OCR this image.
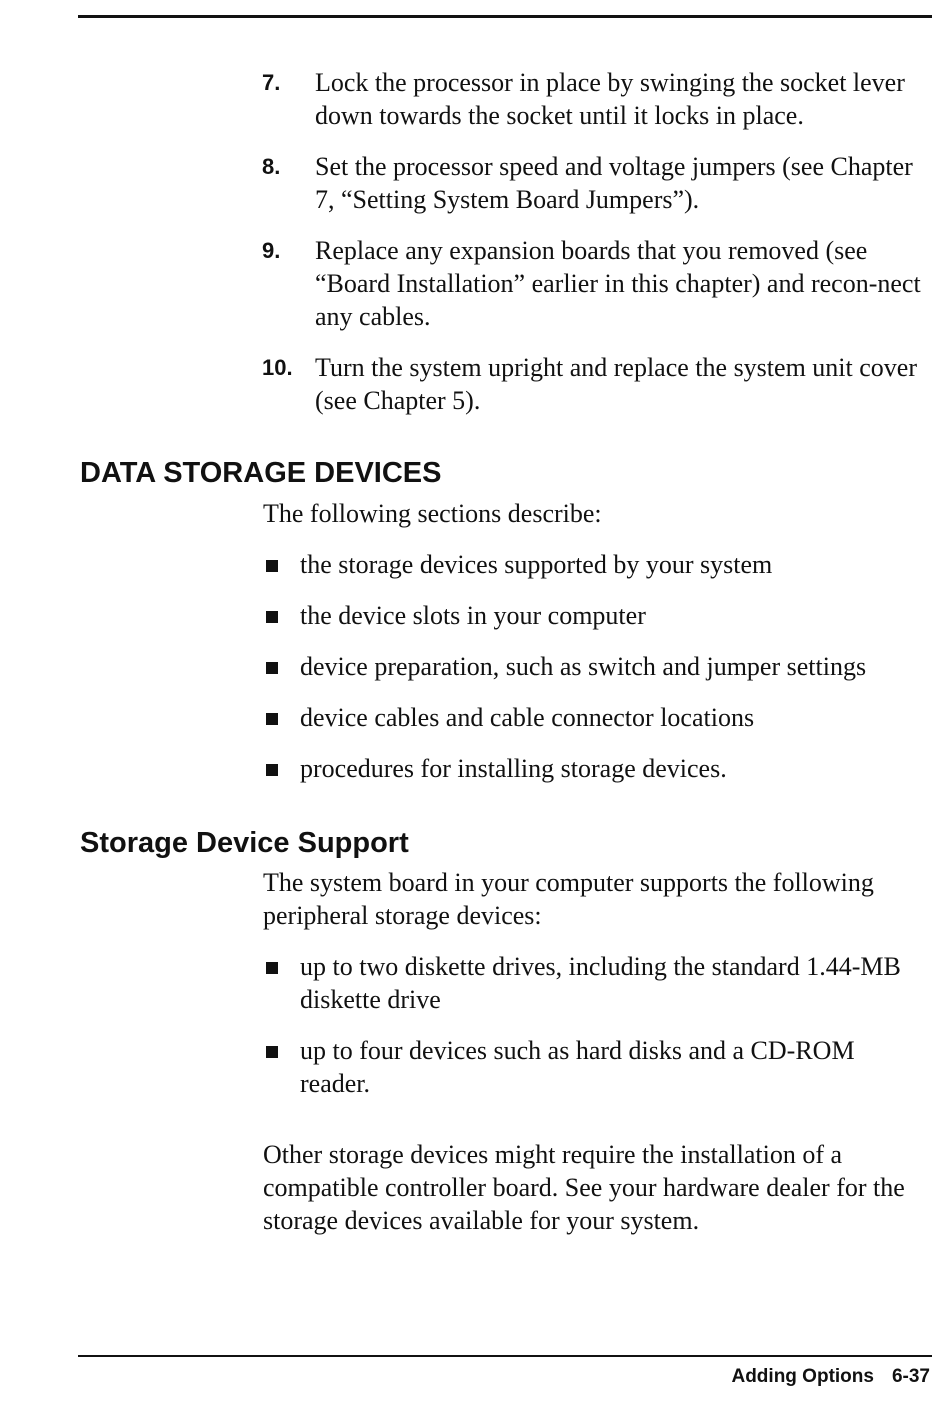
7.	Lock the processor in place by swinging the socket lever down towards the socket until it locks in place.
8.	Set the processor speed and voltage jumpers (see Chapter 7, “Setting System Board Jumpers”).
9.	Replace any expansion boards that you removed (see “Board Installation” earlier in this chapter) and recon-nect any cables.
10. Turn the system upright and replace the system unit cover (see Chapter 5).
DATA STORAGE DEVICES

The following sections describe:

the storage devices supported by your system
the device slots in your computer
device preparation, such as switch and jumper settings
device cables and cable connector locations
procedures for installing storage devices.
Storage Device Support

The system board in your computer supports the following peripheral storage devices:

up to two diskette drives, including the standard 1.44-MB diskette drive
up to four devices such as hard disks and a CD-ROM reader.

Other storage devices might require the installation of a compatible controller board. See your hardware dealer for the storage devices available for your system.

Adding Options 6-37
